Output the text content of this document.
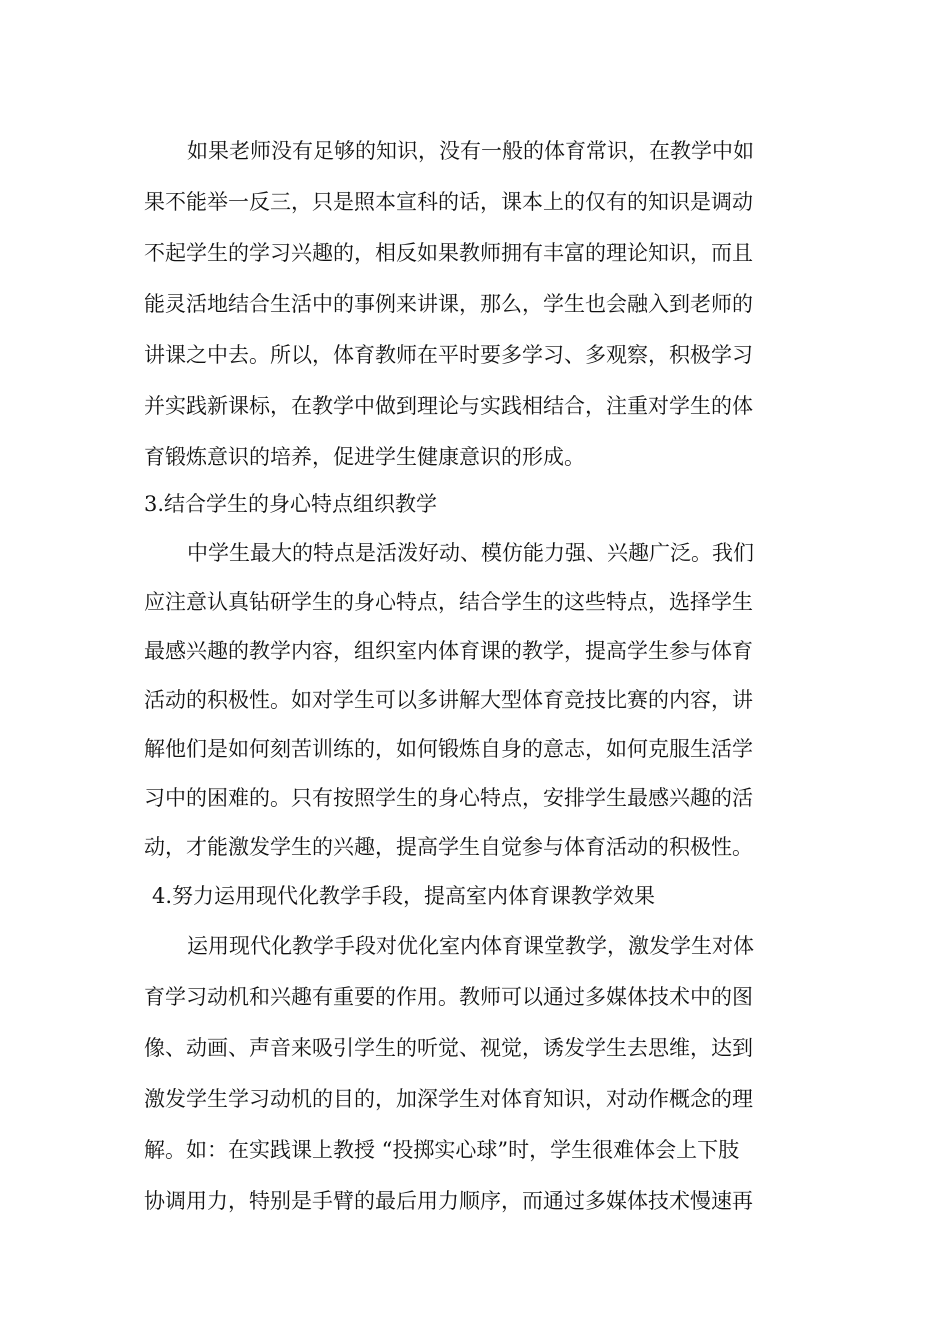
如果老师没有足够的知识，没有一般的体育常识，在教学中如
果不能举一反三，只是照本宣科的话，课本上的仅有的知识是调动
不起学生的学习兴趣的，相反如果教师拥有丰富的理论知识，而且
能灵活地结合生活中的事例来讲课，那么，学生也会融入到老师的
讲课之中去。所以，体育教师在平时要多学习、多观察，积极学习
并实践新课标，在教学中做到理论与实践相结合，注重对学生的体
育锻炼意识的培养，促进学生健康意识的形成。
3.结合学生的身心特点组织教学
中学生最大的特点是活泼好动、模仿能力强、兴趣广泛。我们
应注意认真钻研学生的身心特点，结合学生的这些特点，选择学生
最感兴趣的教学内容，组织室内体育课的教学，提高学生参与体育
活动的积极性。如对学生可以多讲解大型体育竞技比赛的内容，讲
解他们是如何刻苦训练的，如何锻炼自身的意志，如何克服生活学
习中的困难的。只有按照学生的身心特点，安排学生最感兴趣的活
动，才能激发学生的兴趣，提高学生自觉参与体育活动的积极性。
4.努力运用现代化教学手段，提高室内体育课教学效果
运用现代化教学手段对优化室内体育课堂教学，激发学生对体
育学习动机和兴趣有重要的作用。教师可以通过多媒体技术中的图
像、动画、声音来吸引学生的听觉、视觉，诱发学生去思维，达到
激发学生学习动机的目的，加深学生对体育知识，对动作概念的理
解。如：在实践课上教授 “投掷实心球”时，学生很难体会上下肢
协调用力，特别是手臂的最后用力顺序，而通过多媒体技术慢速再
